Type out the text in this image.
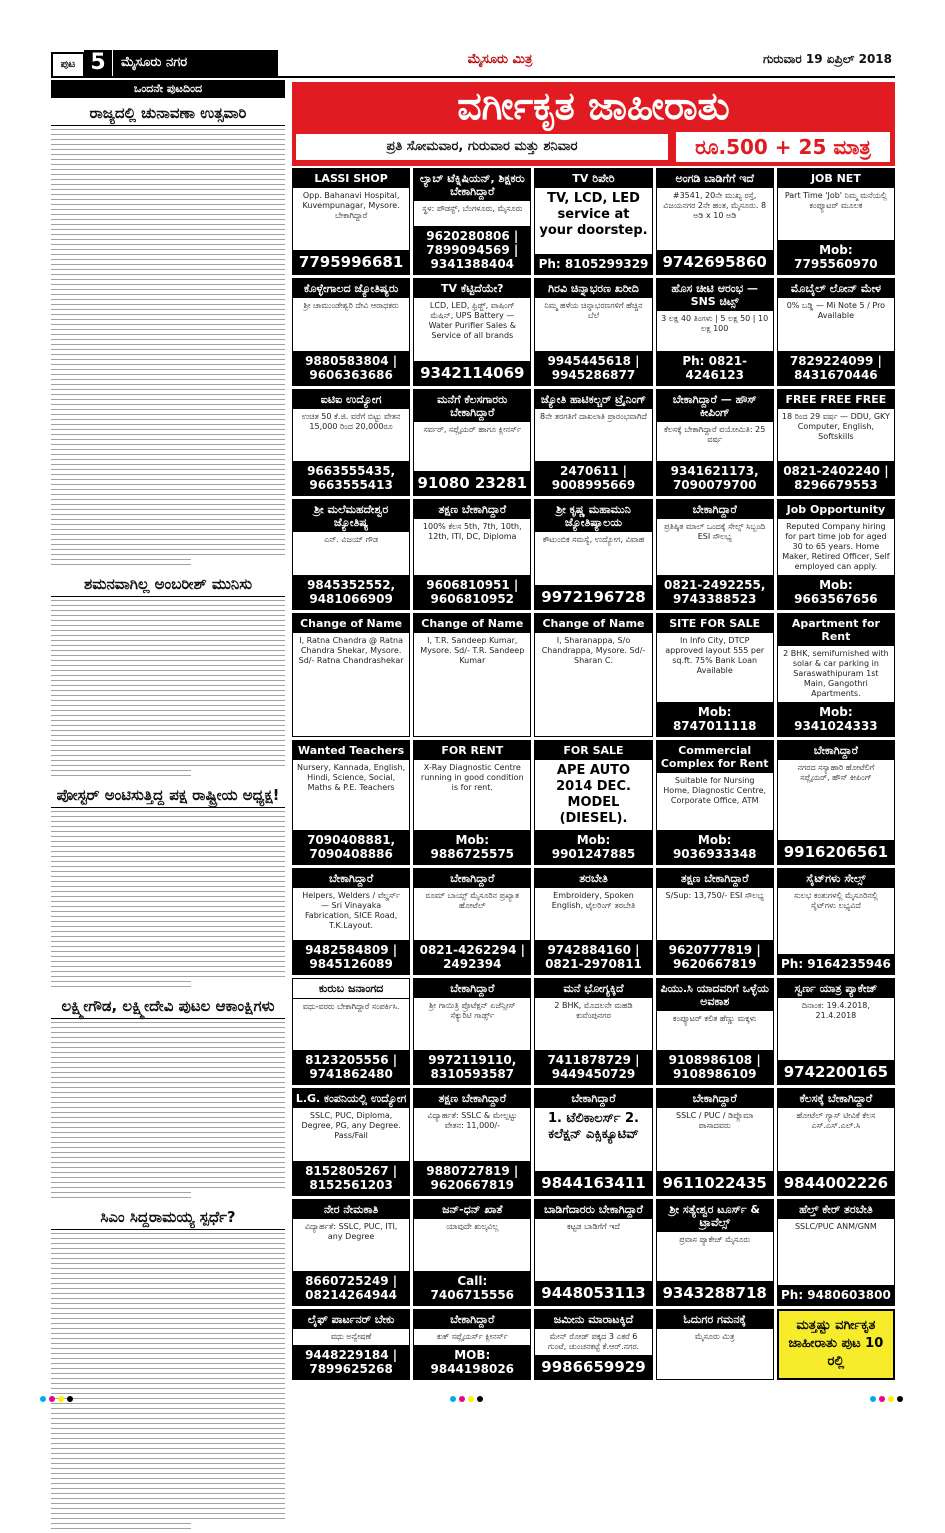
ಪುಟ 5	ಮೈಸೂರು ನಗರ	ಮೈಸೂರು ಮಿತ್ರ	ಗುರುವಾರ 19 ಏಪ್ರಿಲ್ 2018
ಒಂದನೇ ಪುಟದಿಂದ
ರಾಜ್ಯದಲ್ಲಿ ಚುನಾವಣಾ ಉತ್ಸವಾರಿ
ಶಮನವಾಗಿಲ್ಲ ಅಂಬರೀಶ್ ಮುನಿಸು
ಪೋಸ್ಟರ್ ಅಂಟಿಸುತ್ತಿದ್ದ ಪಕ್ಷ ರಾಷ್ಟ್ರೀಯ ಅಧ್ಯಕ್ಷ!
ಲಕ್ಷ್ಮೀಗೌಡ, ಲಕ್ಷ್ಮೀದೇವಿ ಪುಟಲ ಆಕಾಂಕ್ಷಿಗಳು
ಸಿಎಂ ಸಿದ್ದರಾಮಯ್ಯ ಸ್ಪರ್ಧೆ?
ವರ್ಗೀಕೃತ ಜಾಹೀರಾತು
ಪ್ರತಿ ಸೋಮವಾರ, ಗುರುವಾರ ಮತ್ತು ಶನಿವಾರ	ರೂ.500 + 25 ಮಾತ್ರ
LASSI SHOP
Opp. Bahanavi Hospital, Kuvempunagar, Mysore. ಬೇಕಾಗಿದ್ದಾರೆ
7795996681
ಲ್ಯಾಬ್ ಟೆಕ್ನಿಷಿಯನ್, ಶಿಕ್ಷಕರು ಬೇಕಾಗಿದ್ದಾರೆ
ಸ್ಥಳ: ಪೌಡಸ್ಟ್‌, ಬೆಂಗಳೂರು, ಮೈಸೂರು
9620280806 | 7899094569 | 9341388404
TV ರಿಪೇರಿ
TV, LCD, LED service at your doorstep.
Ph: 8105299329
ಅಂಗಡಿ ಬಾಡಿಗೆಗೆ ಇದೆ
#3541, 20ನೇ ಮುಖ್ಯ ರಸ್ತೆ, ವಿಜಯನಗರ 2ನೇ ಹಂತ, ಮೈಸೂರು. 8 ಅಡಿ x 10 ಅಡಿ
9742695860
JOB NET
Part Time 'Job' ನಿಮ್ಮ ಮನೆಯಲ್ಲಿ ಕಂಪ್ಯೂಟರ್ ಮೂಲಕ
Mob: 7795560970
ಕೊಳ್ಳೇಗಾಲದ ಜ್ಯೋತಿಷ್ಯರು
ಶ್ರೀ ಚಾಮುಂಡೇಶ್ವರಿ ದೇವಿ ಆರಾಧಕರು
9880583804 | 9606363686
TV ಕೆಟ್ಟಿದೆಯೇ?
LCD, LED, ಫ್ರಿಡ್ಜ್, ವಾಷಿಂಗ್ ಮೆಷಿನ್, UPS Battery — Water Purifier Sales & Service of all brands
9342114069
ಗಿರವಿ ಚಿನ್ನಾಭರಣ ಖರೀದಿ
ನಿಮ್ಮ ಹಳೆಯ ಚಿನ್ನಾಭರಣಗಳಿಗೆ ಹೆಚ್ಚಿನ ಬೆಲೆ
9945445618 | 9945286877
ಹೊಸ ಚೀಟಿ ಆರಂಭ — SNS ಚಿಟ್ಸ್
3 ಲಕ್ಷ 40 ತಿಂಗಳು | 5 ಲಕ್ಷ 50 | 10 ಲಕ್ಷ 100
Ph: 0821-4246123
ಮೊಬೈಲ್ ಲೋನ್ ಮೇಳ
0% ಬಡ್ಡಿ — Mi Note 5 / Pro Available
7829224099 | 8431670446
ಐಟಿಐ ಉದ್ಯೋಗ
ಉಚಿತ 50 ಕೆ.ಜಿ. ವರೆಗೆ ಬಿಟ್ಟು ವೇತನ 15,000 ರಿಂದ 20,000ರೂ
9663555435, 9663555413
ಮನೆಗೆ ಕೆಲಸಗಾರರು ಬೇಕಾಗಿದ್ದಾರೆ
ಸರ್ವರ್, ಸಪ್ಲೈಯರ್ ಹಾಗೂ ಕ್ಲೀನರ್ಸ್
91080 23281
ಜ್ಯೋತಿ ಹಾಟಿಕಲ್ಚರ್ ಟ್ರೈನಿಂಗ್
8ನೇ ತರಗತಿಗೆ ದಾಖಲಾತಿ ಪ್ರಾರಂಭವಾಗಿದೆ
2470611 | 9008995669
ಬೇಕಾಗಿದ್ದಾರೆ — ಹೌಸ್ ಕೀಪಿಂಗ್
ಕೆಲಸಕ್ಕೆ ಬೇಕಾಗಿದ್ದಾರೆ ವಯೋಮಿತಿ: 25 ವರ್ಷ
9341621173, 7090079700
FREE FREE FREE
18 ರಿಂದ 29 ವರ್ಷ — DDU, GKY Computer, English, Softskills
0821-2402240 | 8296679553
ಶ್ರೀ ಮಲೆಮಹದೇಶ್ವರ ಜ್ಯೋತಿಷ್ಯ
ಎನ್. ವಿಜಯ್ ಗೌಡ
9845352552, 9481066909
ತಕ್ಷಣ ಬೇಕಾಗಿದ್ದಾರೆ
100% ಕೆಲಸ 5th, 7th, 10th, 12th, ITI, DC, Diploma
9606810951 | 9606810952
ಶ್ರೀ ಕೃಷ್ಣ ಮಹಾಮುನಿ ಜ್ಯೋತಿಷ್ಯಾಲಯ
ಕೌಟುಂಬಿಕ ಸಮಸ್ಯೆ, ಉದ್ಯೋಗ, ವಿವಾಹ
9972196728
ಬೇಕಾಗಿದ್ದಾರೆ
ಪ್ರತಿಷ್ಠಿತ ಮಾಲ್ ಒಂದಕ್ಕೆ ಸೇಲ್ಸ್ ಸಿಬ್ಬಂದಿ ESI ಸೌಲಭ್ಯ
0821-2492255, 9743388523
Job Opportunity
Reputed Company hiring for part time job for aged 30 to 65 years. Home Maker, Retired Officer, Self employed can apply.
Mob: 9663567656
Change of Name
I, Ratna Chandra @ Ratna Chandra Shekar, Mysore. Sd/- Ratna Chandrashekar
Change of Name
I, T.R. Sandeep Kumar, Mysore. Sd/- T.R. Sandeep Kumar
Change of Name
I, Sharanappa, S/o Chandrappa, Mysore. Sd/- Sharan C.
SITE FOR SALE
In Info City, DTCP approved layout 555 per sq.ft. 75% Bank Loan Available
Mob: 8747011118
Apartment for Rent
2 BHK, semifurnished with solar & car parking in Saraswathipuram 1st Main, Gangothri Apartments.
Mob: 9341024333
Wanted Teachers
Nursery, Kannada, English, Hindi, Science, Social, Maths & P.E. Teachers
7090408881, 7090408886
FOR RENT
X-Ray Diagnostic Centre running in good condition is for rent.
Mob: 9886725575
FOR SALE
APE AUTO 2014 DEC. MODEL (DIESEL).
Mob: 9901247885
Commercial Complex for Rent
Suitable for Nursing Home, Diagnostic Centre, Corporate Office, ATM
Mob: 9036933348
ಬೇಕಾಗಿದ್ದಾರೆ
ನಗರದ ಸಸ್ಯಾಹಾರಿ ಹೋಟೆಲಿಗೆ ಸಪ್ಲೈಯರ್, ಹೌಸ್ ಕೀಪಿಂಗ್
9916206561
ಬೇಕಾಗಿದ್ದಾರೆ
Helpers, Welders / ವೆಲ್ಡರ್ಸ್ — Sri Vinayaka Fabrication, SICE Road, T.K.Layout.
9482584809 | 9845126089
ಬೇಕಾಗಿದ್ದಾರೆ
ರೂಮ್ ಬಾಯ್ಸ್ ಮೈಸೂರಿನ ಪ್ರಖ್ಯಾತ ಹೋಟೆಲ್
0821-4262294 | 2492394
ತರಬೇತಿ
Embroidery, Spoken English, ಟೈಲರಿಂಗ್ ತರಬೇತಿ
9742884160 | 0821-2970811
ತಕ್ಷಣ ಬೇಕಾಗಿದ್ದಾರೆ
S/Sup: 13,750/- ESI ಸೌಲಭ್ಯ
9620777819 | 9620667819
ಸೈಟ್‌ಗಳು ಸೇಲ್ಸ್
ಸುಲಭ ಕಂತುಗಳಲ್ಲಿ ಮೈಸೂರಿನಲ್ಲಿ ಸೈಟ್‌ಗಳು ಲಭ್ಯವಿದೆ
Ph: 9164235946
ಕುರುಬ ಜನಾಂಗದ
ವಧು-ವರರು ಬೇಕಾಗಿದ್ದಾರೆ ಸಂಪರ್ಕಿಸಿ.
8123205556 | 9741862480
ಬೇಕಾಗಿದ್ದಾರೆ
ಶ್ರೀ ಗಾಯಿತ್ರಿ ಪ್ರೊಟೆಕ್ಷನ್ ಏಜೆನ್ಸೀಸ್ ಸೆಕ್ಯುರಿಟಿ ಗಾರ್ಡ್ಸ್
9972119110, 8310593587
ಮನೆ ಭೋಗ್ಯಕ್ಕಿದೆ
2 BHK, ಮೊದಲನೇ ಮಹಡಿ ಕುವೆಂಪುನಗರ
7411878729 | 9449450729
ಪಿಯು.ಸಿ ಯಾದವರಿಗೆ ಒಳ್ಳೆಯ ಅವಕಾಶ
ಕಂಪ್ಯೂಟರ್ ಕಲಿತ ಹೆಣ್ಣು ಮಕ್ಕಳು
9108986108 | 9108986109
ಸ್ವರ್ಣ ಯಾತ್ರ ಪ್ಯಾಕೇಜ್
ದಿನಾಂಕ: 19.4.2018, 21.4.2018
9742200165
L.G. ಕಂಪನಿಯಲ್ಲಿ ಉದ್ಯೋಗ
SSLC, PUC, Diploma, Degree, PG, any Degree. Pass/Fail
8152805267 | 8152561203
ತಕ್ಷಣ ಬೇಕಾಗಿದ್ದಾರೆ
ವಿದ್ಯಾರ್ಹತೆ: SSLC & ಮೇಲ್ಪಟ್ಟು ವೇತನ: 11,000/-
9880727819 | 9620667819
ಬೇಕಾಗಿದ್ದಾರೆ
1. ಟೆಲಿಕಾಲರ್ಸ್ 2. ಕಲೆಕ್ಷನ್ ಎಕ್ಸಿಕ್ಯೂಟಿವ್
9844163411
ಬೇಕಾಗಿದ್ದಾರೆ
SSLC / PUC / ಡಿಪ್ಲೊಮಾ ಪಾಸಾದವರು
9611022435
ಕೆಲಸಕ್ಕೆ ಬೇಕಾಗಿದ್ದಾರೆ
ಹೋಟೆಲ್ ಗ್ಯಾಸ್ ಟೀವಿಕೆ ಕೆಲಸ ಎಸ್.ಎಸ್.ಎಲ್.ಸಿ
9844002226
ನೇರ ನೇಮಕಾತಿ
ವಿದ್ಯಾರ್ಹತೆ: SSLC, PUC, ITI, any Degree
8660725249 | 08214264944
ಜನ್-ಧನ್ ಖಾತೆ
ಯಾವುದೇ ಶುಲ್ಕವಿಲ್ಲ
Call: 7406715556
ಬಾಡಿಗೆದಾರರು ಬೇಕಾಗಿದ್ದಾರೆ
ಕಟ್ಟಡ ಬಾಡಿಗೆಗೆ ಇದೆ
9448053113
ಶ್ರೀ ಸತ್ಯೇಶ್ವರ ಟೂರ್ಸ್ & ಟ್ರಾವೆಲ್ಸ್
ಪ್ರವಾಸ ಪ್ಯಾಕೇಜ್ ಮೈಸೂರು
9343288718
ಹೆಲ್ತ್ ಕೇರ್ ತರಬೇತಿ
SSLC/PUC ANM/GNM
Ph: 9480603800
ಲೈಫ್ ಪಾರ್ಟನರ್ ಬೇಕು
ವಧು ಅನ್ವೇಷಣೆ
9448229184 | 7899625268
ಬೇಕಾಗಿದ್ದಾರೆ
ಕುಕ್ ಸಪ್ಲೈಯರ್ಸ್ ಕ್ಲೀನರ್ಸ್
MOB: 9844198026
ಜಮೀನು ಮಾರಾಟಕ್ಕಿದೆ
ಮೇನ್ ರೋಡ್ ಪಕ್ಕದ 3 ಎಕರೆ 6 ಗುಂಟೆ, ಚುಂಚನಕಟ್ಟೆ ಕೆ.ಆರ್.ನಗರ.
9986659929
ಓದುಗರ ಗಮನಕ್ಕೆ
ಮೈಸೂರು ಮಿತ್ರ
ಮತ್ತಷ್ಟು ವರ್ಗೀಕೃತ ಜಾಹೀರಾತು ಪುಟ 10 ರಲ್ಲಿ
